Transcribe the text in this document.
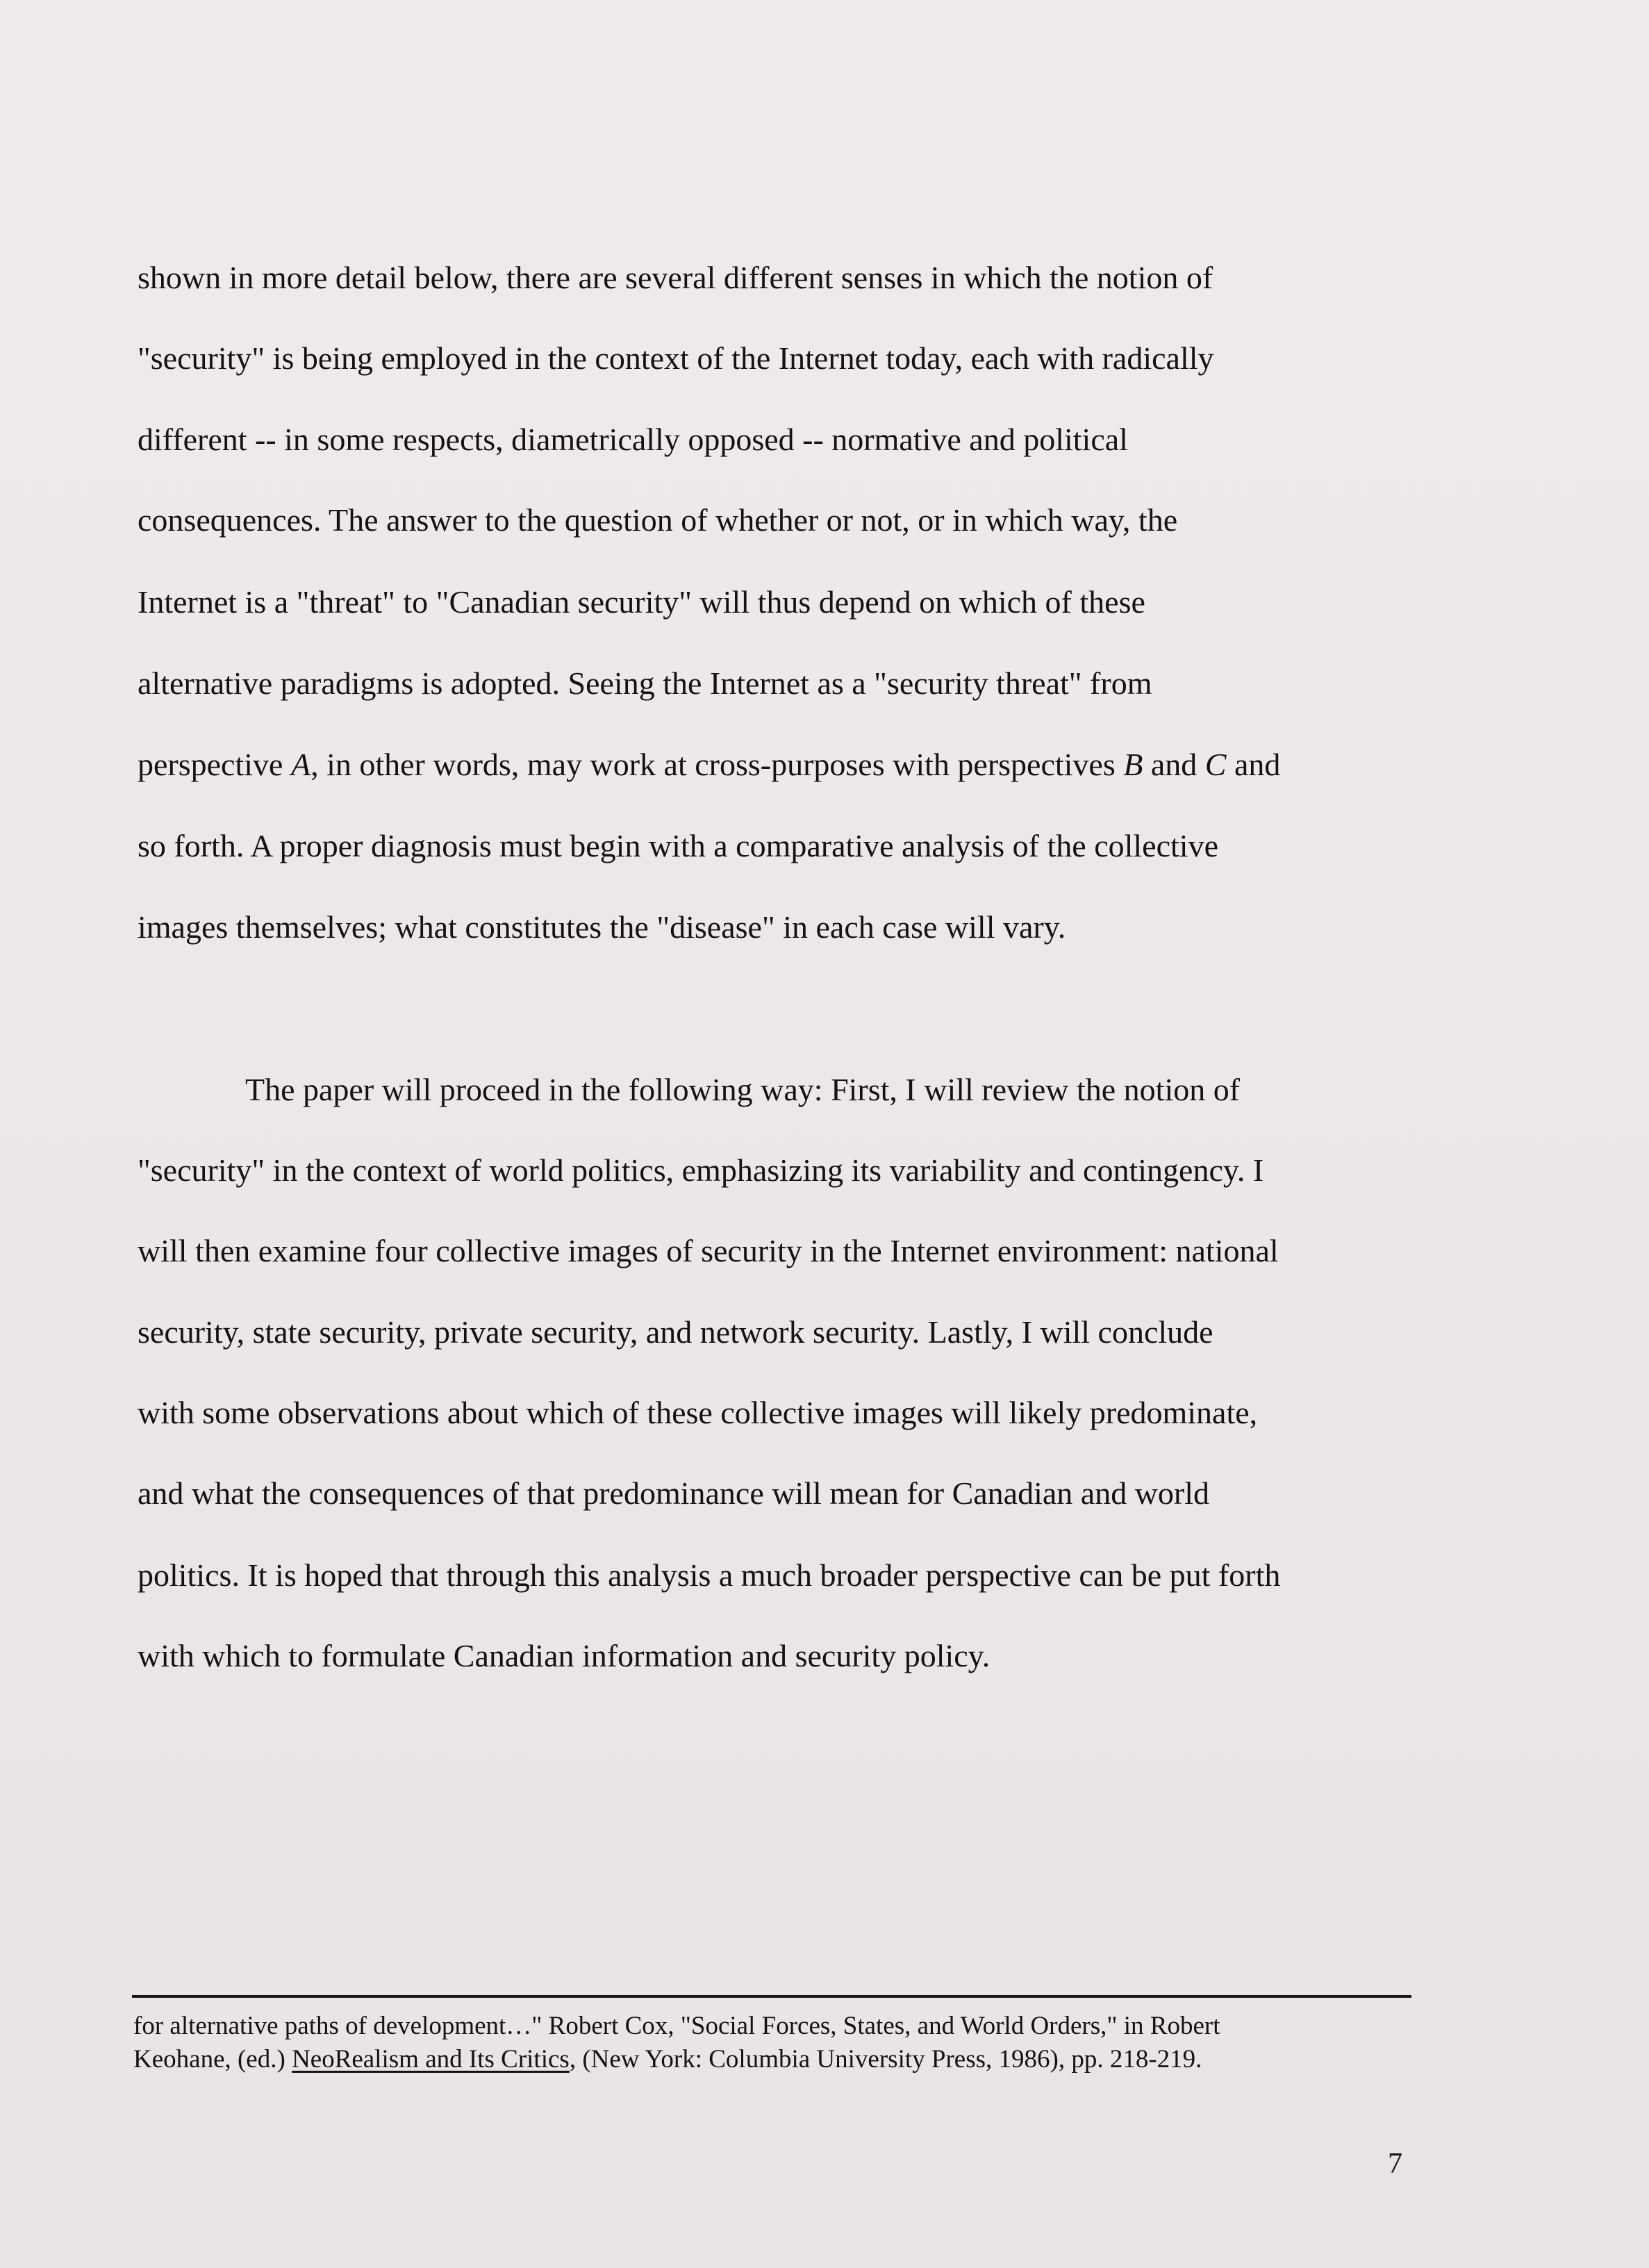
shown in more detail below, there are several different senses in which the notion of
"security" is being employed in the context of the Internet today, each with radically
different -- in some respects, diametrically opposed -- normative and political
consequences. The answer to the question of whether or not, or in which way, the
Internet is a "threat" to "Canadian security" will thus depend on which of these
alternative paradigms is adopted. Seeing the Internet as a "security threat" from
perspective A, in other words, may work at cross-purposes with perspectives B and C and
so forth. A proper diagnosis must begin with a comparative analysis of the collective
images themselves; what constitutes the "disease" in each case will vary.
The paper will proceed in the following way: First, I will review the notion of
"security" in the context of world politics, emphasizing its variability and contingency. I
will then examine four collective images of security in the Internet environment: national
security, state security, private security, and network security. Lastly, I will conclude
with some observations about which of these collective images will likely predominate,
and what the consequences of that predominance will mean for Canadian and world
politics. It is hoped that through this analysis a much broader perspective can be put forth
with which to formulate Canadian information and security policy.
for alternative paths of development…" Robert Cox, "Social Forces, States, and World Orders," in Robert
Keohane, (ed.) NeoRealism and Its Critics, (New York: Columbia University Press, 1986), pp. 218-219.
7
